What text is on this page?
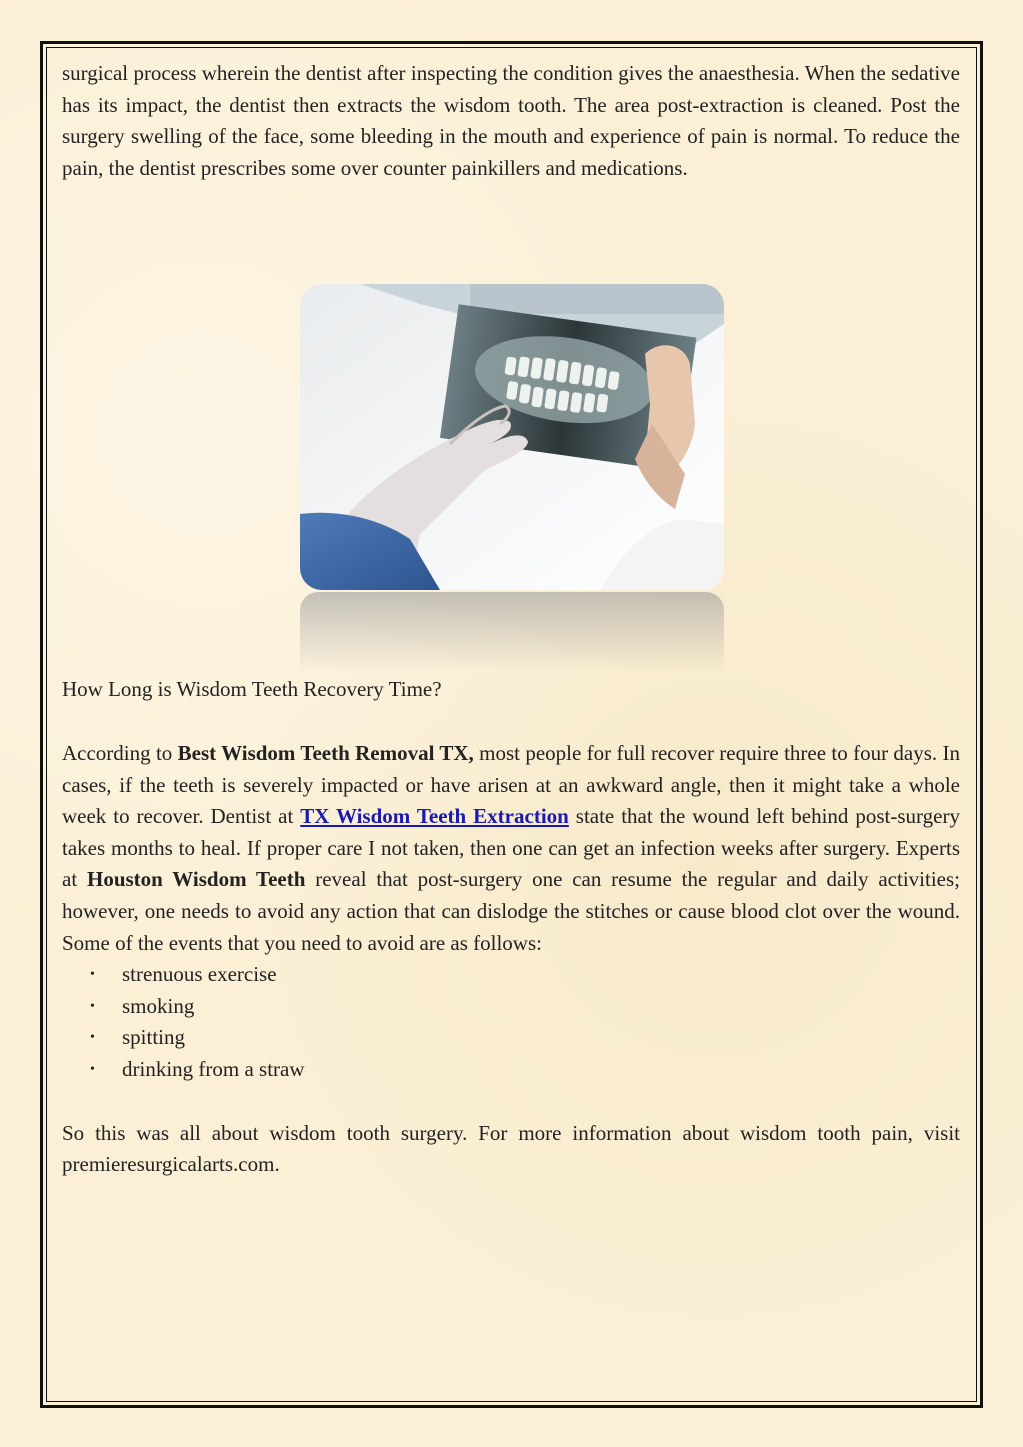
surgical process wherein the dentist after inspecting the condition gives the anaesthesia. When the sedative has its impact, the dentist then extracts the wisdom tooth. The area post-extraction is cleaned. Post the surgery swelling of the face, some bleeding in the mouth and experience of pain is normal. To reduce the pain, the dentist prescribes some over counter painkillers and medications.

How Long is Wisdom Teeth Recovery Time?

According to Best Wisdom Teeth Removal TX, most people for full recover require three to four days. In cases, if the teeth is severely impacted or have arisen at an awkward angle, then it might take a whole week to recover. Dentist at TX Wisdom Teeth Extraction state that the wound left behind post-surgery takes months to heal. If proper care I not taken, then one can get an infection weeks after surgery. Experts at Houston Wisdom Teeth reveal that post-surgery one can resume the regular and daily activities; however, one needs to avoid any action that can dislodge the stitches or cause blood clot over the wound. Some of the events that you need to avoid are as follows:

• strenuous exercise
• smoking
• spitting
• drinking from a straw

So this was all about wisdom tooth surgery. For more information about wisdom tooth pain, visit premieresurgicalarts.com.
